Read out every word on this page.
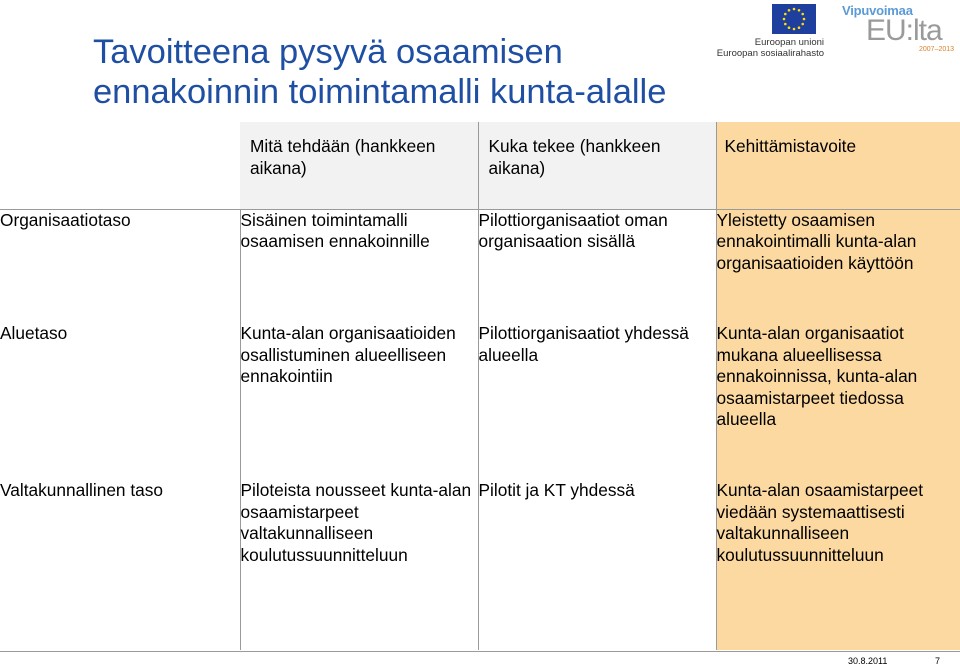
Tavoitteena pysyvä osaamisen
ennakoinnin toimintamalli kunta-alalle
Euroopan unioni
Euroopan sosiaalirahasto
Vipuvoimaa
EU:lta
2007–2013
	Mitä tehdään (hankkeen aikana)	Kuka tekee (hankkeen aikana)	Kehittämistavoite
Organisaatiotaso	Sisäinen toimintamalli osaamisen ennakoinnille	Pilottiorganisaatiot oman organisaation sisällä	Yleistetty osaamisen ennakointimalli kunta-alan organisaatioiden käyttöön
Aluetaso	Kunta-alan organisaatioiden osallistuminen alueelliseen ennakointiin	Pilottiorganisaatiot yhdessä alueella	Kunta-alan organisaatiot mukana alueellisessa ennakoinnissa, kunta-alan osaamistarpeet tiedossa alueella
Valtakunnallinen taso	Piloteista nousseet kunta-alan osaamistarpeet valtakunnalliseen koulutussuunnitteluun	Pilotit ja KT yhdessä	Kunta-alan osaamistarpeet viedään systemaattisesti valtakunnalliseen koulutussuunnitteluun
30.8.2011	7
